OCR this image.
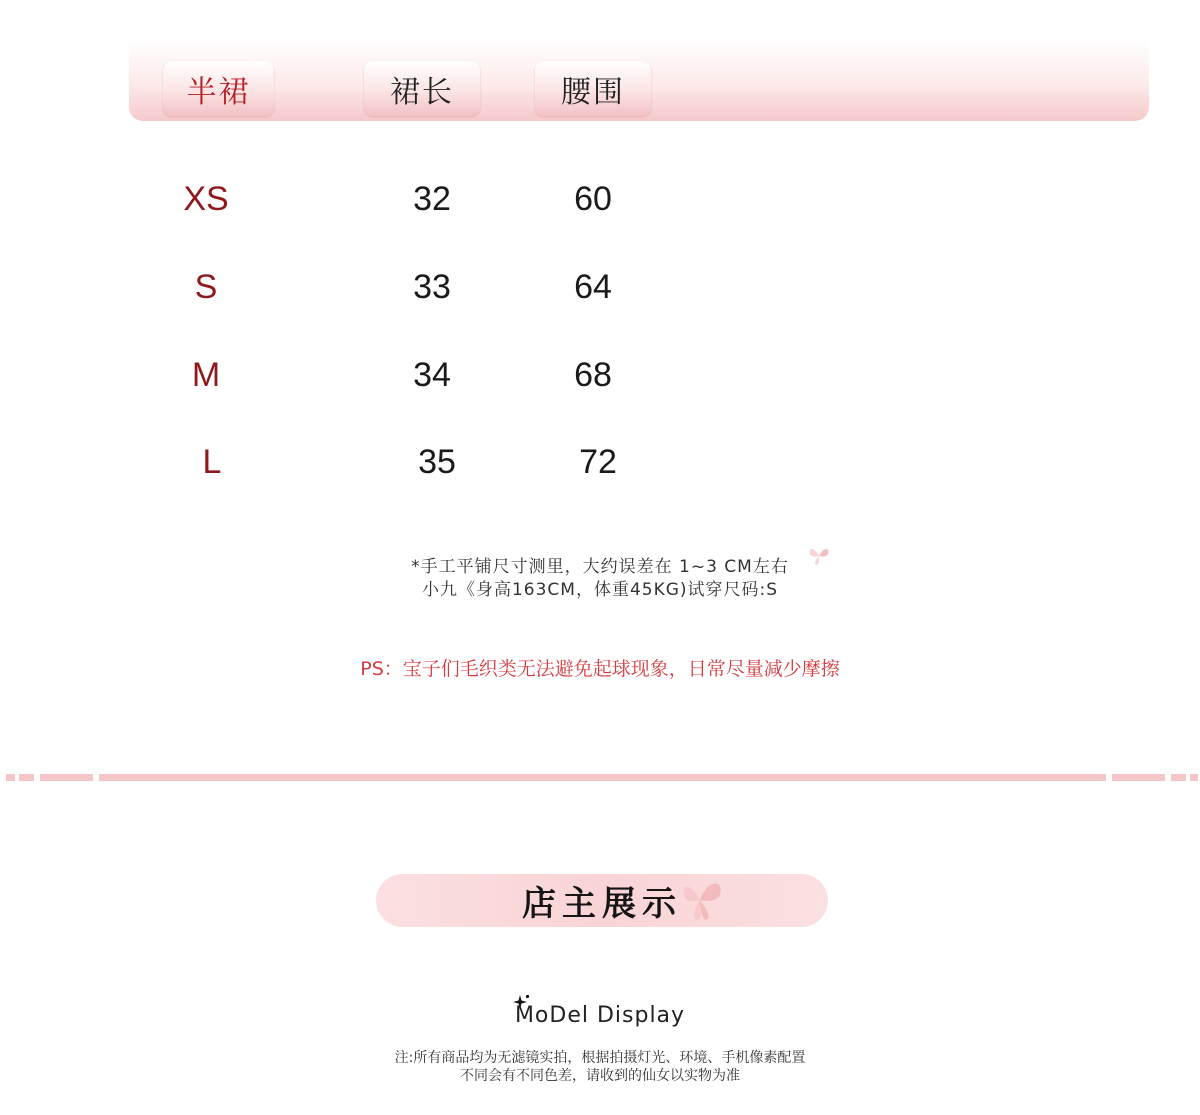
半裙	裙长	腰围
XS	32	60
S	33	64
M	34	68
L	35	72
*手工平铺尺寸测里，大约误差在 1~3 CM左右
小九《身高163CM，体重45KG)试穿尺码:S
PS：宝子们毛织类无法避免起球现象，日常尽量减少摩擦
店主展示
MoDel Display
注:所有商品均为无滤镜实拍，根据拍摄灯光、环境、手机像素配置
不同会有不同色差，请收到的仙女以实物为准
